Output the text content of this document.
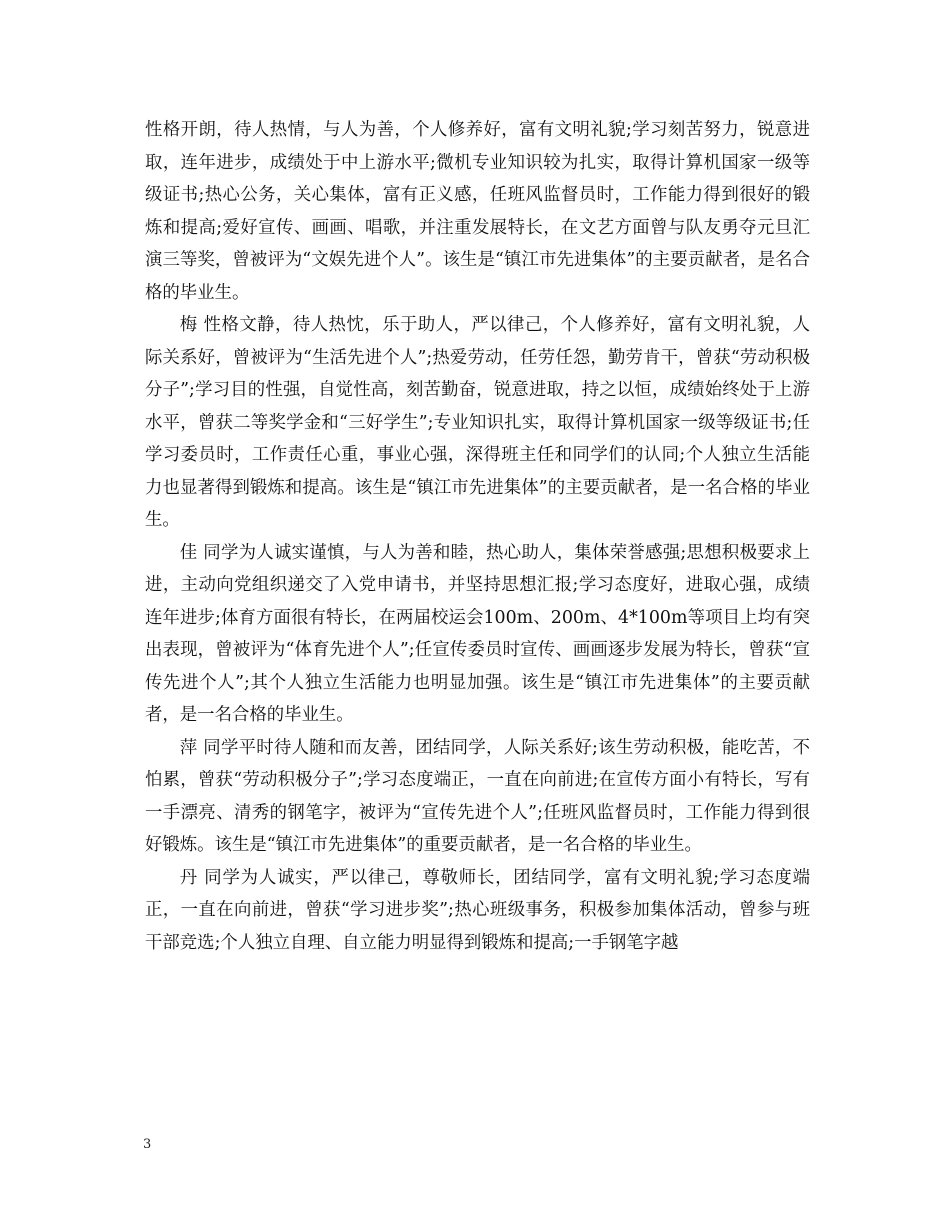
性格开朗，待人热情，与人为善，个人修养好，富有文明礼貌;学习刻苦努力，锐意进取，连年进步，成绩处于中上游水平;微机专业知识较为扎实，取得计算机国家一级等级证书;热心公务，关心集体，富有正义感，任班风监督员时，工作能力得到很好的锻炼和提高;爱好宣传、画画、唱歌，并注重发展特长，在文艺方面曾与队友勇夺元旦汇演三等奖，曾被评为“文娱先进个人”。该生是“镇江市先进集体”的主要贡献者，是名合格的毕业生。

梅 性格文静，待人热忱，乐于助人，严以律己，个人修养好，富有文明礼貌，人际关系好，曾被评为“生活先进个人”;热爱劳动，任劳任怨，勤劳肯干，曾获“劳动积极分子”;学习目的性强，自觉性高，刻苦勤奋，锐意进取，持之以恒，成绩始终处于上游水平，曾获二等奖学金和“三好学生”;专业知识扎实，取得计算机国家一级等级证书;任学习委员时，工作责任心重，事业心强，深得班主任和同学们的认同;个人独立生活能力也显著得到锻炼和提高。该生是“镇江市先进集体”的主要贡献者，是一名合格的毕业生。

佳 同学为人诚实谨慎，与人为善和睦，热心助人，集体荣誉感强;思想积极要求上进，主动向党组织递交了入党申请书，并坚持思想汇报;学习态度好，进取心强，成绩连年进步;体育方面很有特长，在两届校运会100m、200m、4*100m等项目上均有突出表现，曾被评为“体育先进个人”;任宣传委员时宣传、画画逐步发展为特长，曾获“宣传先进个人”;其个人独立生活能力也明显加强。该生是“镇江市先进集体”的主要贡献者，是一名合格的毕业生。

萍 同学平时待人随和而友善，团结同学，人际关系好;该生劳动积极，能吃苦，不怕累，曾获“劳动积极分子”;学习态度端正，一直在向前进;在宣传方面小有特长，写有一手漂亮、清秀的钢笔字，被评为“宣传先进个人”;任班风监督员时，工作能力得到很好锻炼。该生是“镇江市先进集体”的重要贡献者，是一名合格的毕业生。

丹 同学为人诚实，严以律己，尊敬师长，团结同学，富有文明礼貌;学习态度端正，一直在向前进，曾获“学习进步奖”;热心班级事务，积极参加集体活动，曾参与班干部竞选;个人独立自理、自立能力明显得到锻炼和提高;一手钢笔字越

3
